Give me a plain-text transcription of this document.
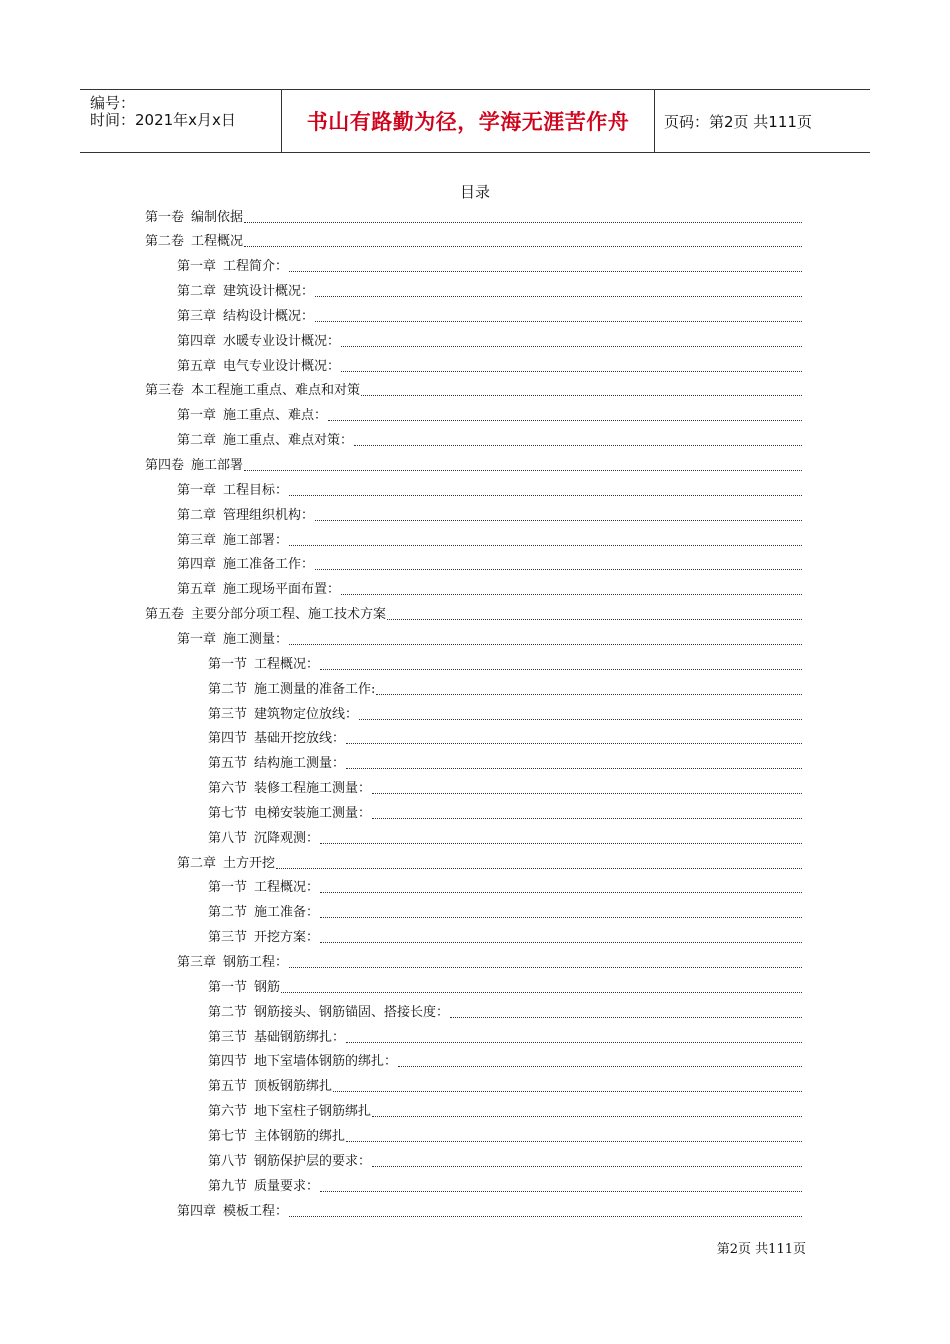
编号：
时间：2021年x月x日	书山有路勤为径，学海无涯苦作舟	页码：第2页 共111页
目录
第一卷 编制依据
第二卷 工程概况
第一章 工程简介：
第二章 建筑设计概况：
第三章 结构设计概况：
第四章 水暖专业设计概况：
第五章 电气专业设计概况：
第三卷 本工程施工重点、难点和对策
第一章 施工重点、难点：
第二章 施工重点、难点对策：
第四卷 施工部署
第一章 工程目标：
第二章 管理组织机构：
第三章 施工部署：
第四章 施工准备工作：
第五章 施工现场平面布置：
第五卷 主要分部分项工程、施工技术方案
第一章 施工测量：
第一节 工程概况：
第二节 施工测量的准备工作:
第三节 建筑物定位放线：
第四节 基础开挖放线：
第五节 结构施工测量：
第六节 装修工程施工测量：
第七节 电梯安装施工测量：
第八节 沉降观测：
第二章 土方开挖
第一节 工程概况：
第二节 施工准备：
第三节 开挖方案：
第三章 钢筋工程：
第一节 钢筋
第二节 钢筋接头、钢筋锚固、搭接长度：
第三节 基础钢筋绑扎：
第四节 地下室墙体钢筋的绑扎：
第五节 顶板钢筋绑扎
第六节 地下室柱子钢筋绑扎
第七节 主体钢筋的绑扎
第八节 钢筋保护层的要求：
第九节 质量要求：
第四章 模板工程：
第2页 共111页
